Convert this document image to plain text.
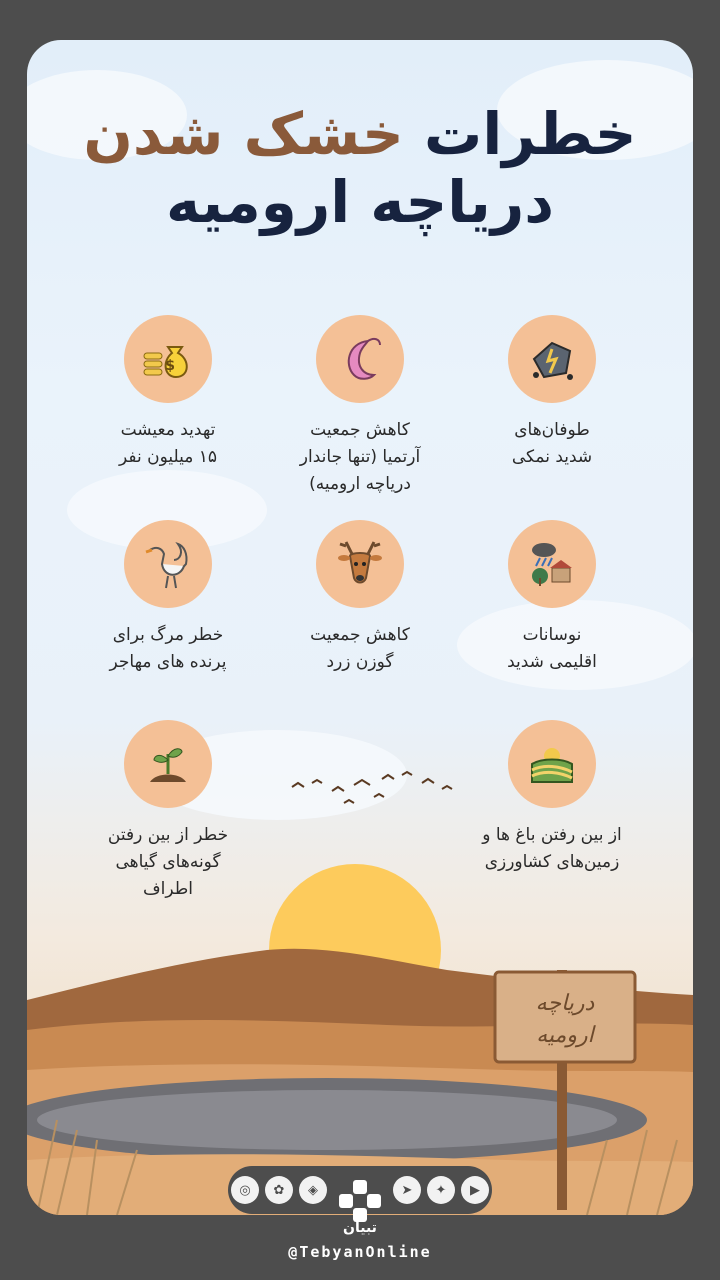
خطرات خشک شدن
دریاچه ارومیه
طوفان‌های
شدید نمکی
کاهش جمعیت
آرتمیا (تنها جاندار
دریاچه ارومیه)
$
تهدید معیشت
۱۵ میلیون نفر
نوسانات
اقلیمی شدید
کاهش جمعیت
گوزن زرد
خطر مرگ برای
پرنده های مهاجر
از بین رفتن باغ ها و
زمین‌های کشاورزی
خطر از بین رفتن
گونه‌های گیاهی
اطراف
دریاچه
ارومیه
◎ ✿ ◈	➤ ✦ ▶
تبیان
@TebyanOnline
